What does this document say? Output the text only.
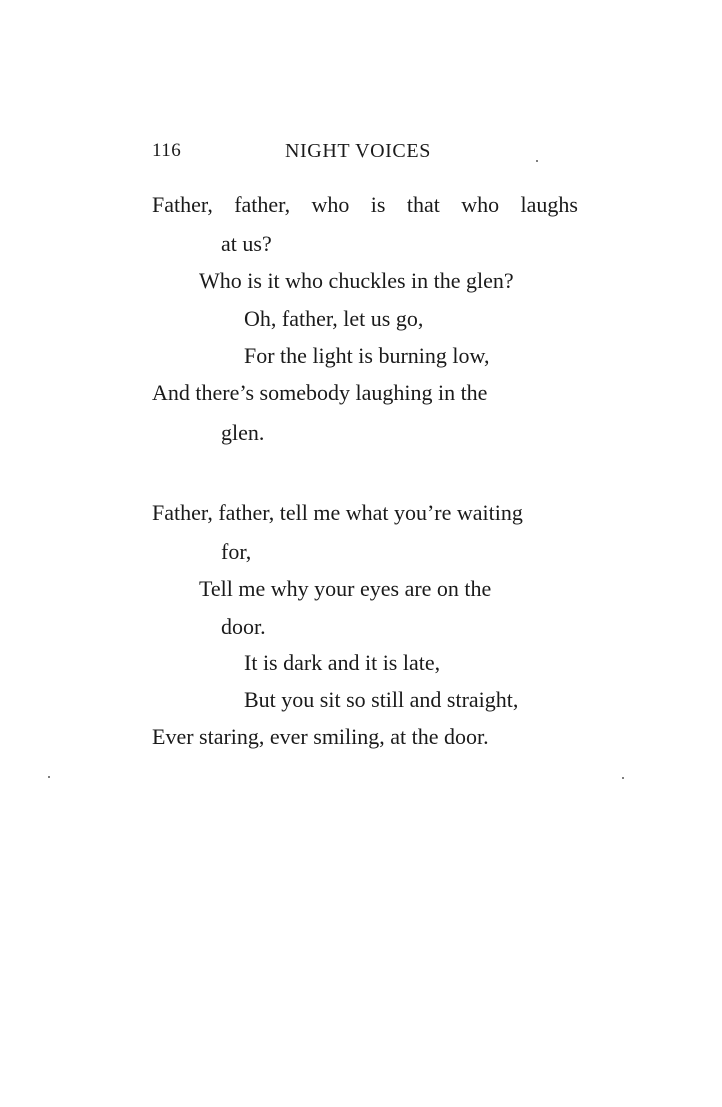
116	NIGHT VOICES
Father, father, who is that who laughs
at us?
Who is it who chuckles in the glen?
Oh, father, let us go,
For the light is burning low,
And there’s somebody laughing in the
glen.
Father, father, tell me what you’re waiting
for,
Tell me why your eyes are on the
door.
It is dark and it is late,
But you sit so still and straight,
Ever staring, ever smiling, at the door.
